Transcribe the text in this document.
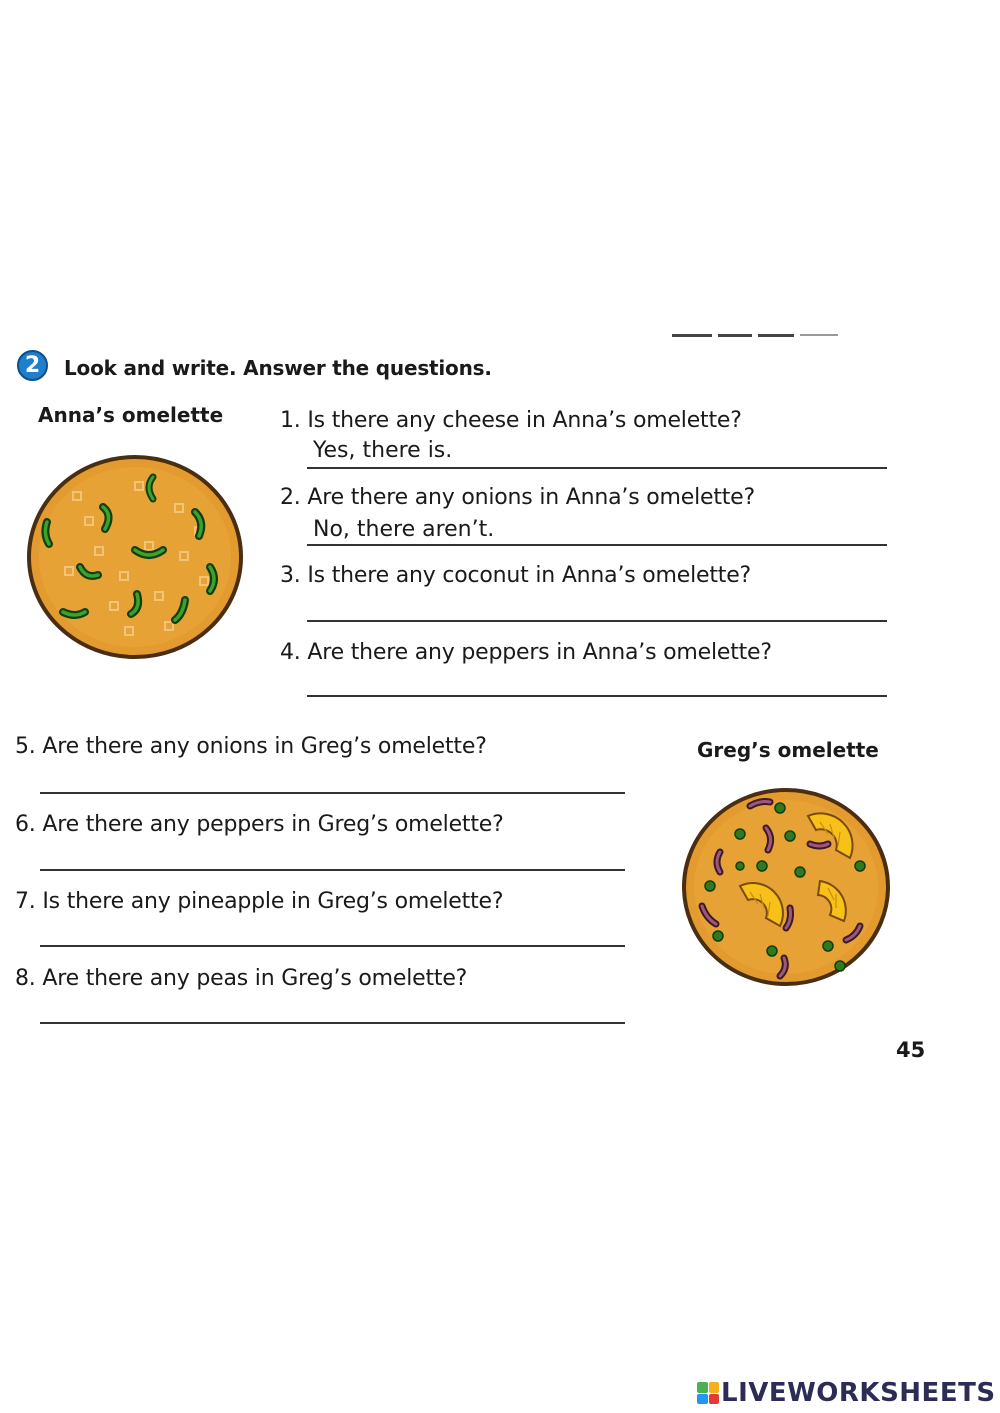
2	Look and write. Answer the questions.
Anna’s omelette	1. Is there any cheese in Anna’s omelette?
Yes, there is.
2. Are there any onions in Anna’s omelette?
No, there aren’t.
3. Is there any coconut in Anna’s omelette?
4. Are there any peppers in Anna’s omelette?
5. Are there any onions in Greg’s omelette?
6. Are there any peppers in Greg’s omelette?
7. Is there any pineapple in Greg’s omelette?
8. Are there any peas in Greg’s omelette?
Greg’s omelette
45
LIVEWORKSHEETS
